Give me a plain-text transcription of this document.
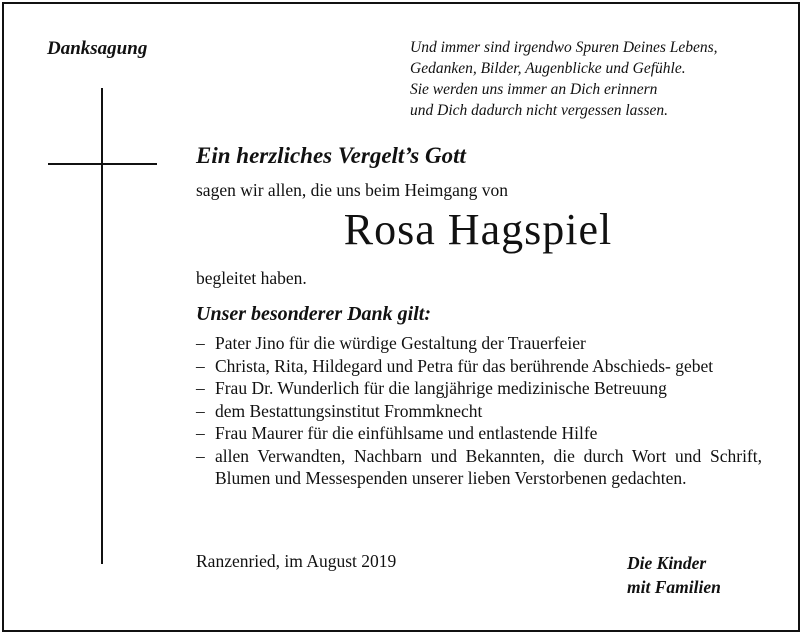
Danksagung	Und immer sind irgendwo Spuren Deines Lebens,
Gedanken, Bilder, Augenblicke und Gefühle.
Sie werden uns immer an Dich erinnern
und Dich dadurch nicht vergessen lassen.
Ein herzliches Vergelt’s Gott
sagen wir allen, die uns beim Heimgang von
Rosa Hagspiel
begleitet haben.
Unser besonderer Dank gilt:
– Pater Jino für die würdige Gestaltung der Trauerfeier
– Christa, Rita, Hildegard und Petra für das berührende Abschieds- gebet
– Frau Dr. Wunderlich für die langjährige medizinische Betreuung
– dem Bestattungsinstitut Frommknecht
– Frau Maurer für die einfühlsame und entlastende Hilfe
– allen Verwandten, Nachbarn und Bekannten, die durch Wort und Schrift, Blumen und Messespenden unserer lieben Verstorbenen gedachten.
Ranzenried, im August 2019	Die Kinder
mit Familien
